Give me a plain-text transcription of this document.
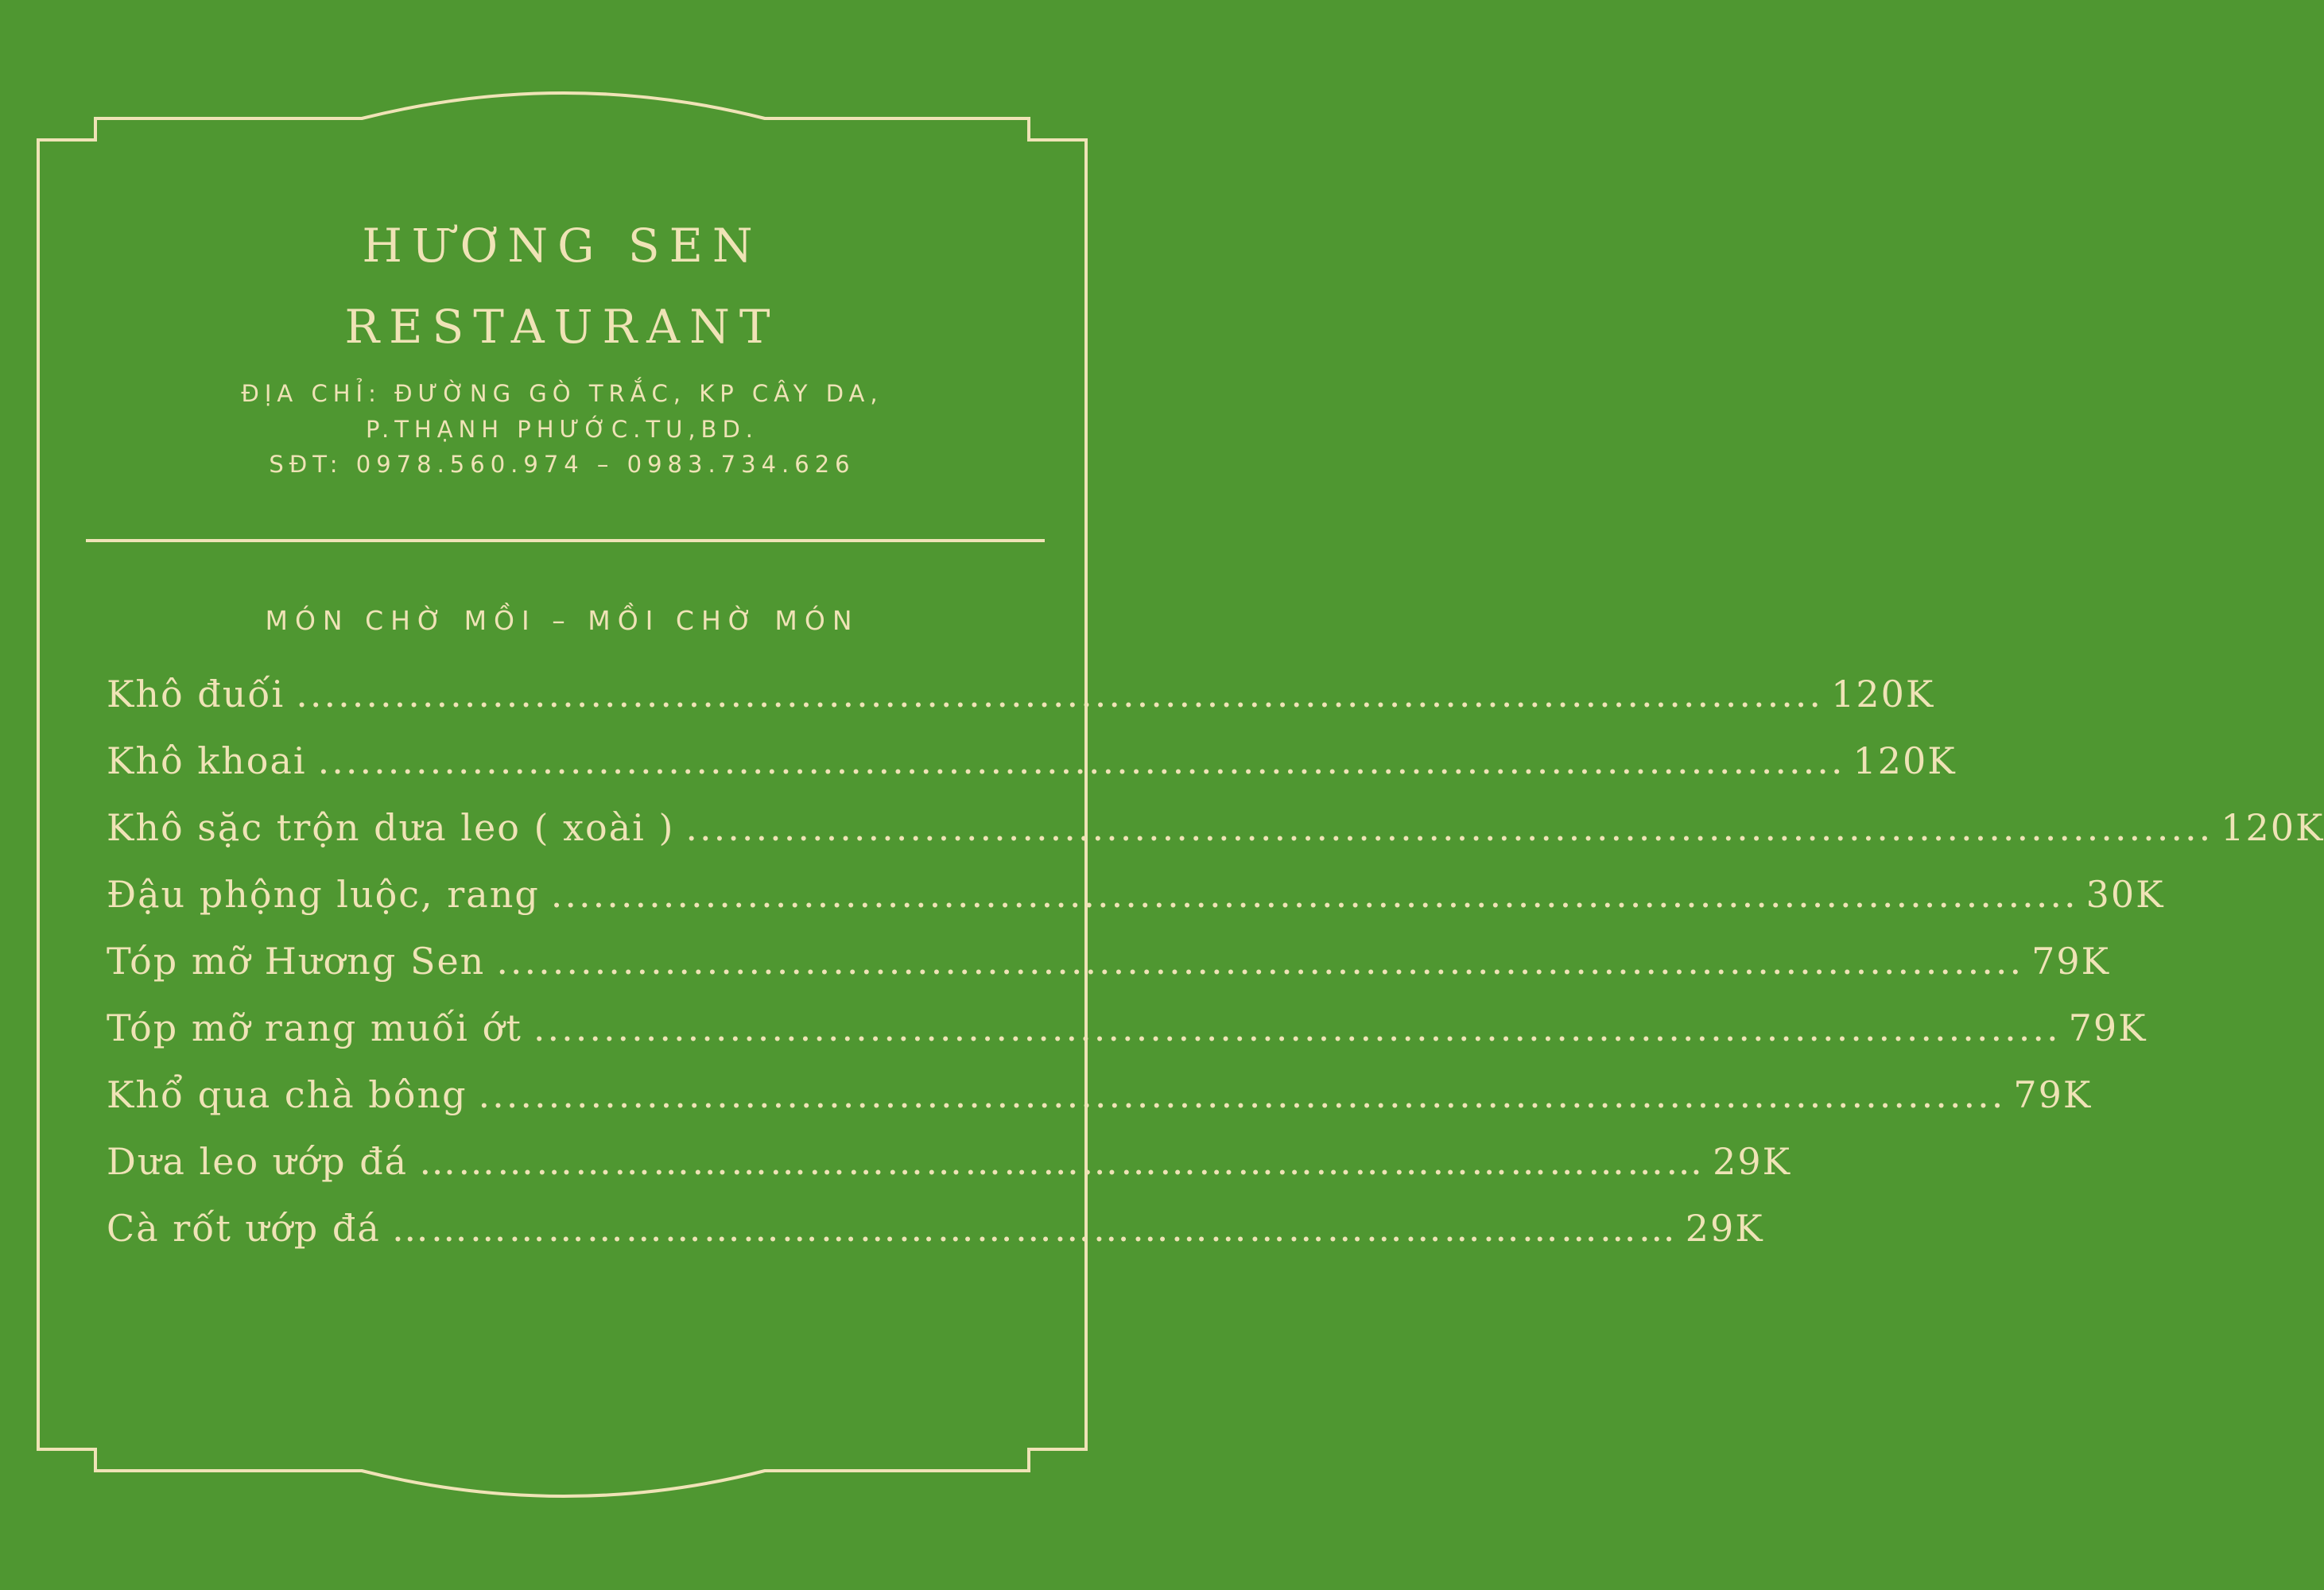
HƯƠNG SEN
RESTAURANT
ĐỊA CHỈ: ĐƯỜNG GÒ TRẮC, KP CÂY DA,
P.THẠNH PHƯỚC.TU,BD.
SĐT: 0978.560.974 – 0983.734.626
MÓN CHỜ MỒI – MỒI CHỜ MÓN
Khô đuối ............................................................................................................. 120K
Khô khoai ............................................................................................................. 120K
Khô sặc trộn dưa leo ( xoài ) ............................................................................................................. 120K
Đậu phộng luộc, rang ............................................................................................................. 30K
Tóp mỡ Hương Sen ............................................................................................................. 79K
Tóp mỡ rang muối ớt ............................................................................................................. 79K
Khổ qua chà bông ............................................................................................................. 79K
Dưa leo ướp đá ……………………………………………………………………………………… 29K
Cà rốt ướp đá ……………………………………………………………………………………… 29K
